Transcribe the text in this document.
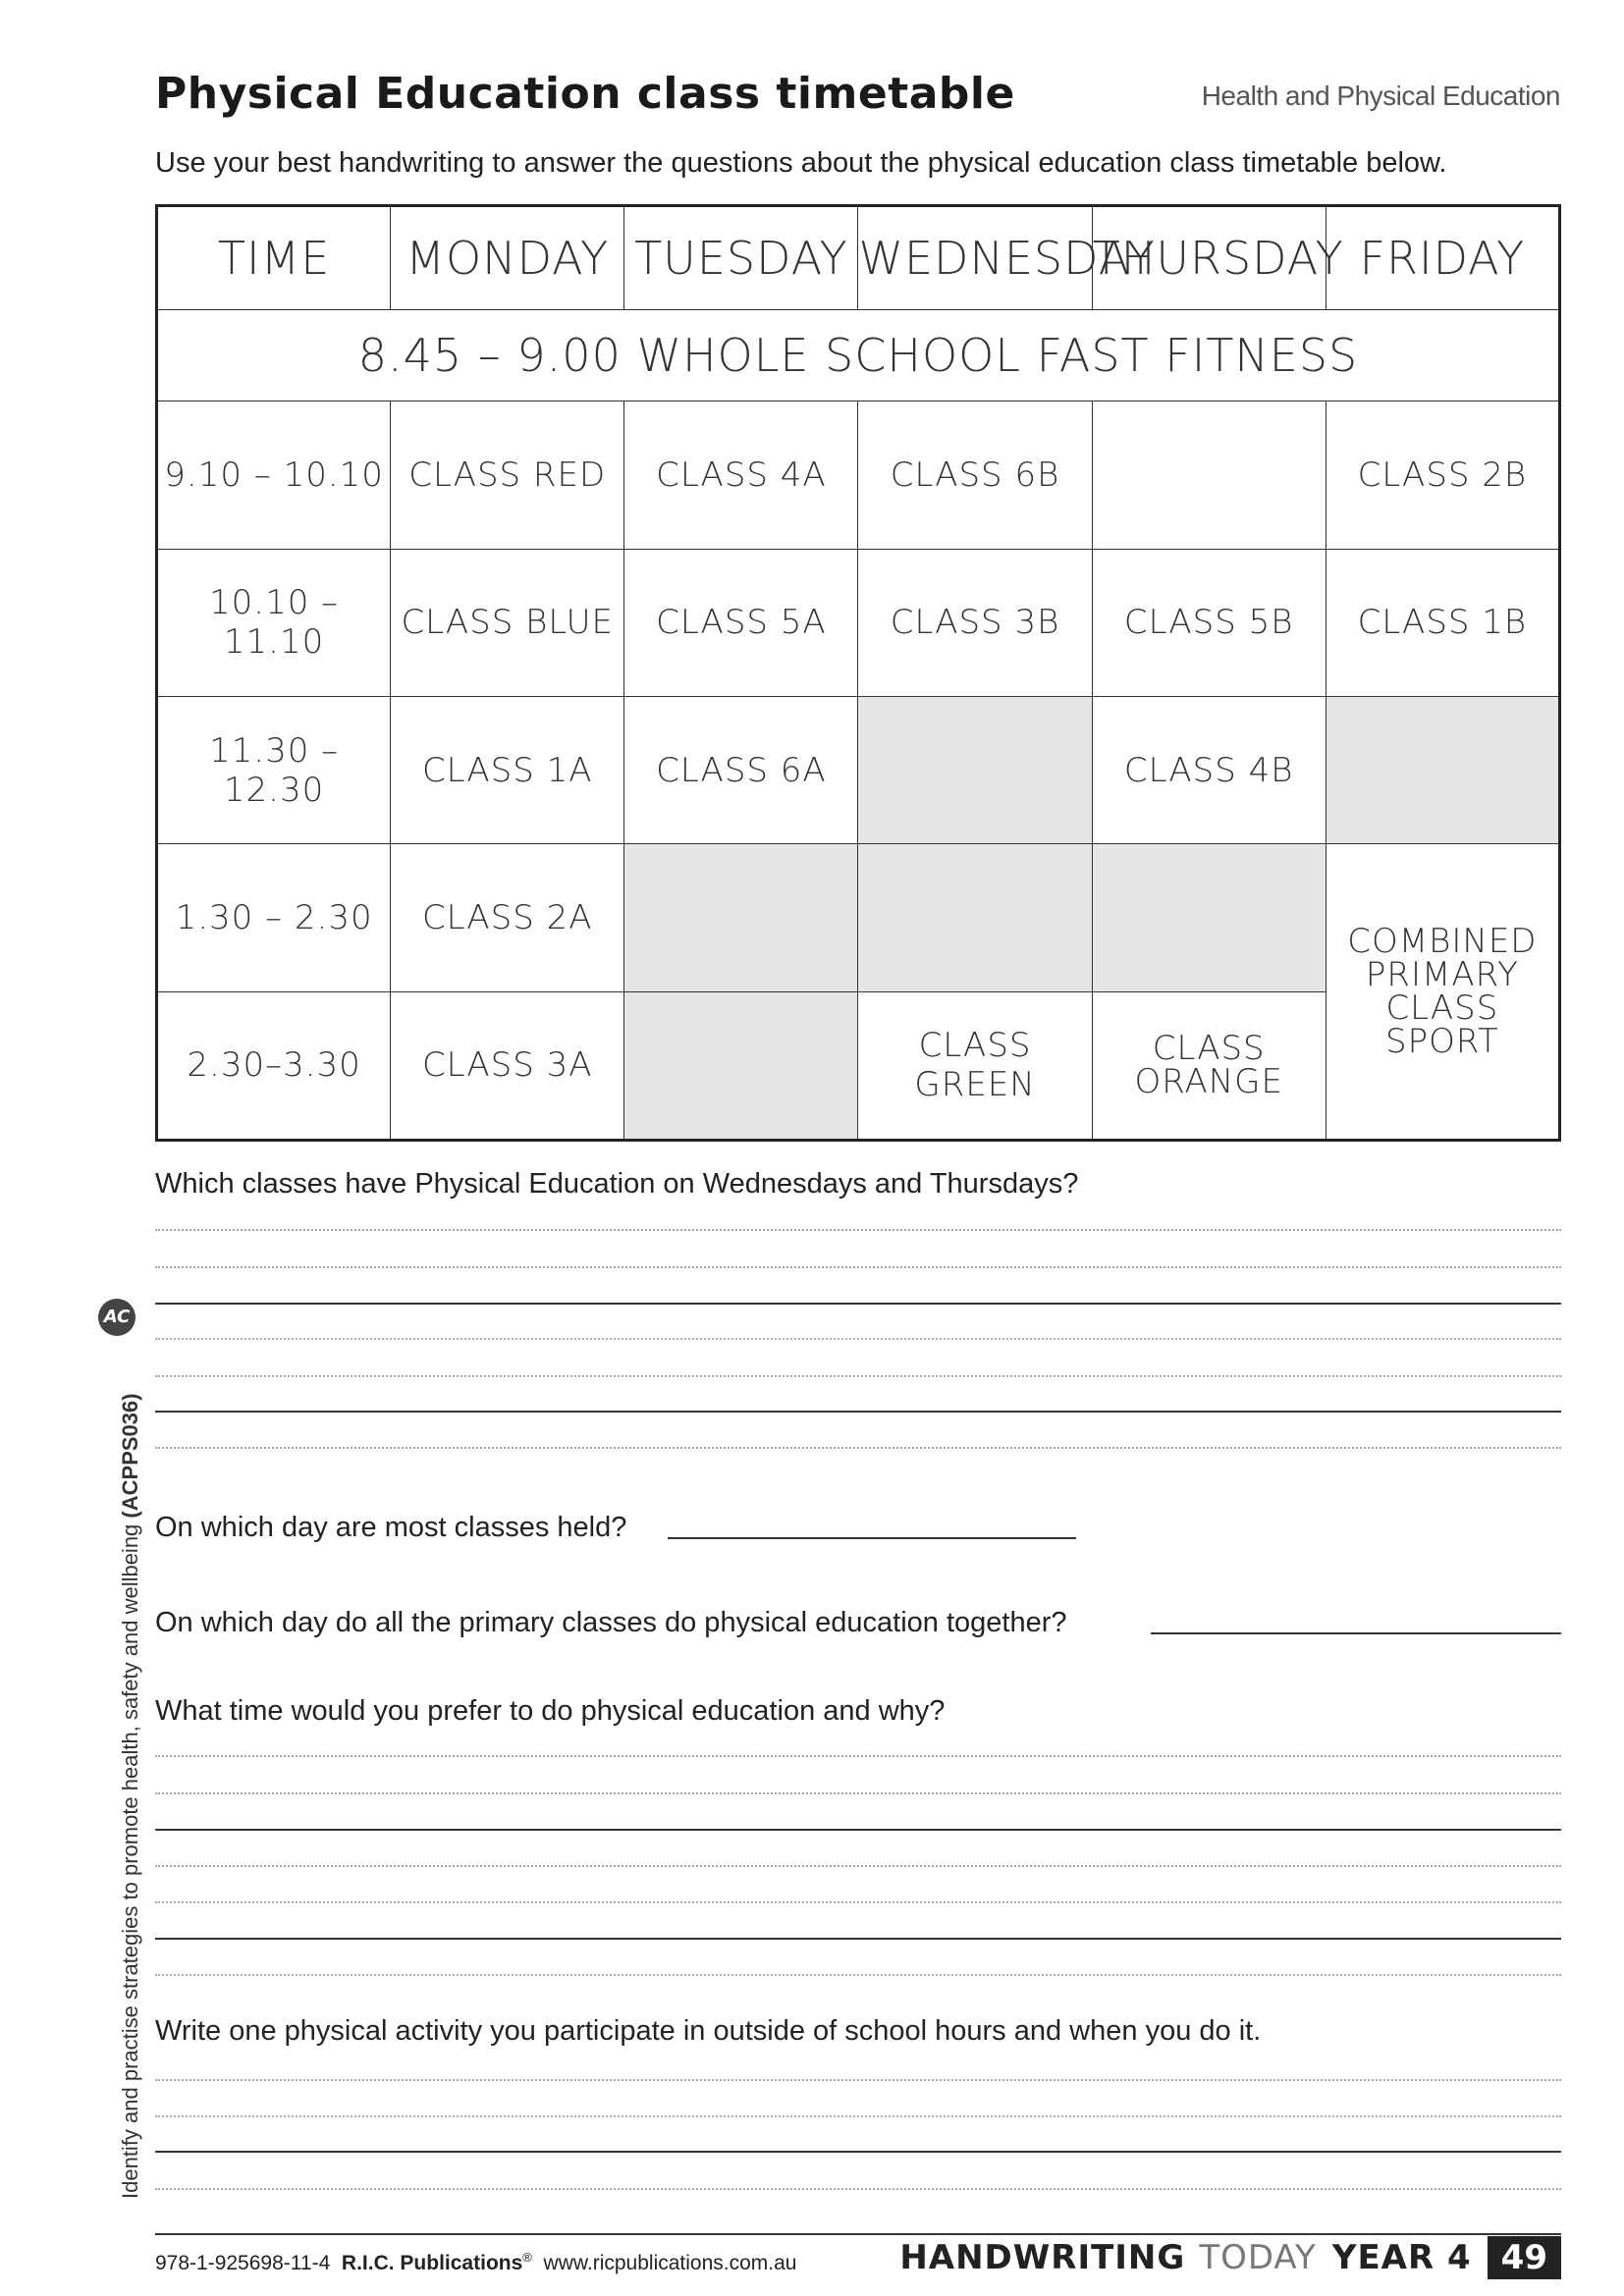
Physical Education class timetable	Health and Physical Education
Use your best handwriting to answer the questions about the physical education class timetable below.
TIME	MONDAY	TUESDAY	WEDNESDAY	THURSDAY	FRIDAY
8.45 – 9.00 WHOLE SCHOOL FAST FITNESS					
9.10 – 10.10	CLASS RED	CLASS 4A	CLASS 6B		CLASS 2B
10.10 – 11.10	CLASS BLUE	CLASS 5A	CLASS 3B	CLASS 5B	CLASS 1B
11.30 – 12.30	CLASS 1A	CLASS 6A		CLASS 4B	
1.30 – 2.30	CLASS 2A				COMBINED
PRIMARY
CLASS SPORT

2.30–3.30	CLASS 3A		CLASS GREEN	CLASS
ORANGE	
Which classes have Physical Education on Wednesdays and Thursdays?
On which day are most classes held?
On which day do all the primary classes do physical education together?
What time would you prefer to do physical education and why?
Write one physical activity you participate in outside of school hours and when you do it.
Identify and practise strategies to promote health, safety and wellbeing (ACPPS036)
AC
978-1-925698-11-4 R.I.C. Publications® www.ricpublications.com.au	HANDWRITING TODAY YEAR 4 49
